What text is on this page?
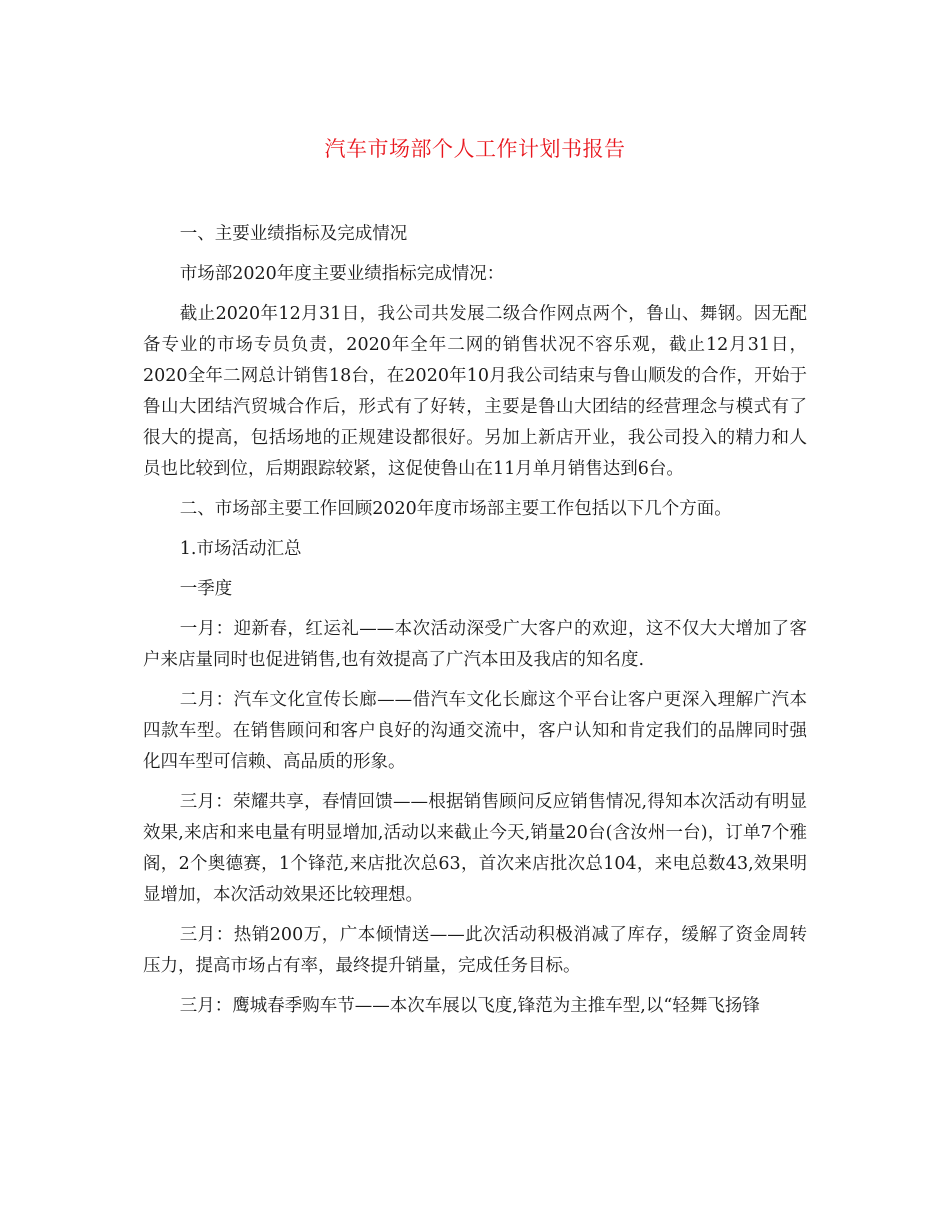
汽车市场部个人工作计划书报告

一、主要业绩指标及完成情况

市场部2020年度主要业绩指标完成情况：

截止2020年12月31日，我公司共发展二级合作网点两个，鲁山、舞钢。因无配备专业的市场专员负责，2020年全年二网的销售状况不容乐观，截止12月31日，2020全年二网总计销售18台，在2020年10月我公司结束与鲁山顺发的合作，开始于鲁山大团结汽贸城合作后，形式有了好转，主要是鲁山大团结的经营理念与模式有了很大的提高，包括场地的正规建设都很好。另加上新店开业，我公司投入的精力和人员也比较到位，后期跟踪较紧，这促使鲁山在11月单月销售达到6台。

二、市场部主要工作回顾2020年度市场部主要工作包括以下几个方面。

1.市场活动汇总

一季度

一月：迎新春，红运礼——本次活动深受广大客户的欢迎，这不仅大大增加了客户来店量同时也促进销售,也有效提高了广汽本田及我店的知名度.

二月：汽车文化宣传长廊——借汽车文化长廊这个平台让客户更深入理解广汽本四款车型。在销售顾问和客户良好的沟通交流中，客户认知和肯定我们的品牌同时强化四车型可信赖、高品质的形象。

三月：荣耀共享，春情回馈——根据销售顾问反应销售情况,得知本次活动有明显效果,来店和来电量有明显增加,活动以来截止今天,销量20台(含汝州一台)，订单7个雅阁，2个奥德赛，1个锋范,来店批次总63，首次来店批次总104，来电总数43,效果明显增加，本次活动效果还比较理想。

三月：热销200万，广本倾情送——此次活动积极消减了库存，缓解了资金周转压力，提高市场占有率，最终提升销量，完成任务目标。

三月：鹰城春季购车节——本次车展以飞度,锋范为主推车型,以“轻舞飞扬锋
